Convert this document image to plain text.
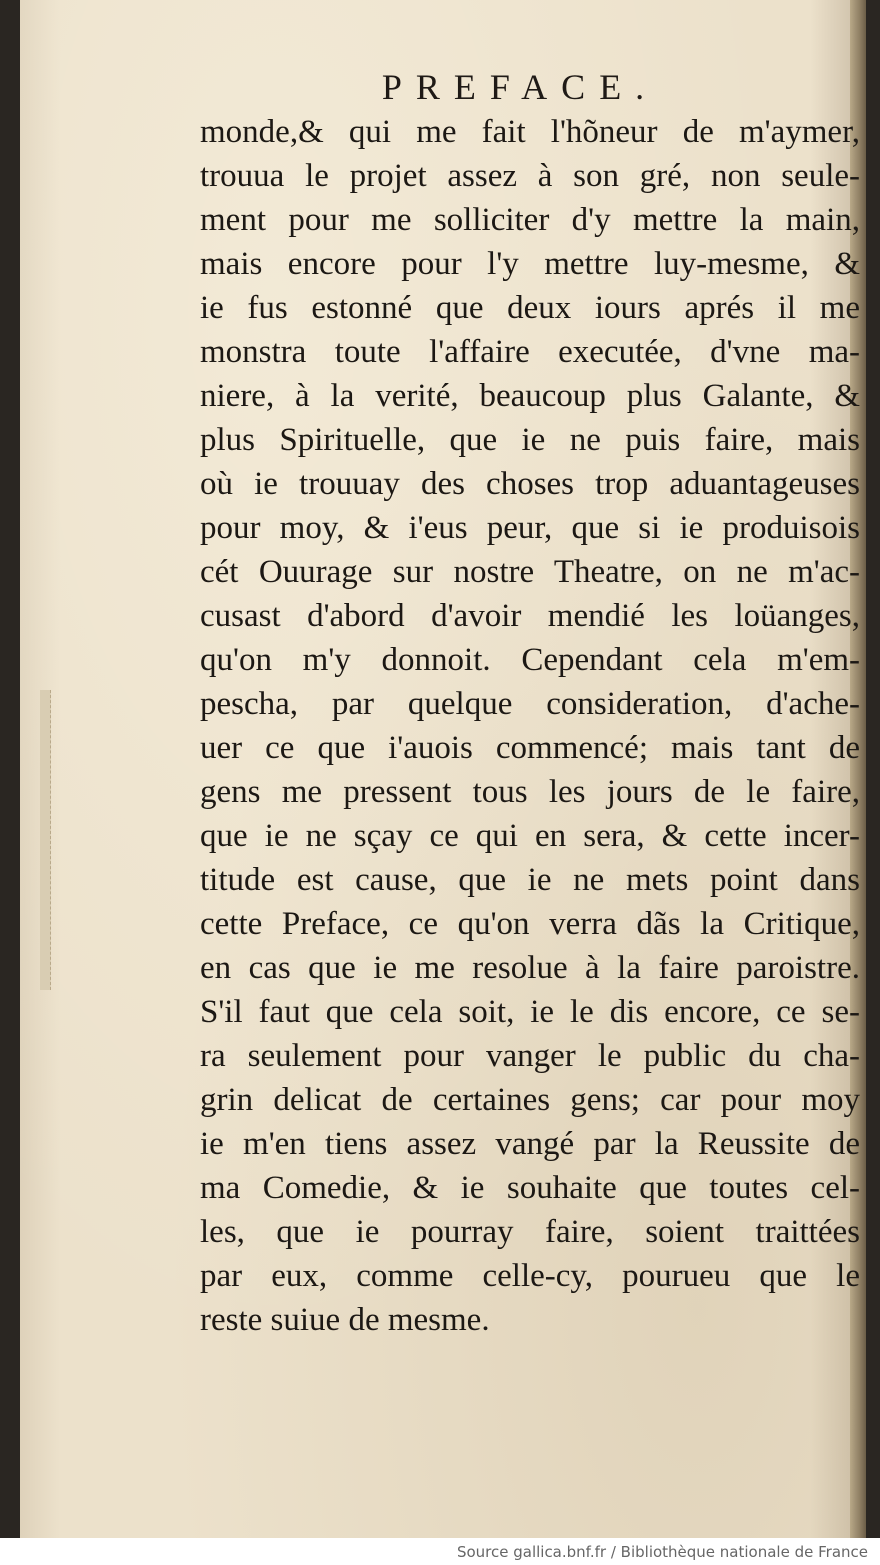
PREFACE.
monde,& qui me fait l'hõneur de m'aymer,
trouua le projet assez à son gré, non seule-
ment pour me solliciter d'y mettre la main,
mais encore pour l'y mettre luy-mesme, &
ie fus estonné que deux iours aprés il me
monstra toute l'affaire executée, d'vne ma-
niere, à la verité, beaucoup plus Galante, &
plus Spirituelle, que ie ne puis faire, mais
où ie trouuay des choses trop aduantageuses
pour moy, & i'eus peur, que si ie produisois
cét Ouurage sur nostre Theatre, on ne m'ac-
cusast d'abord d'avoir mendié les loüanges,
qu'on m'y donnoit. Cependant cela m'em-
pescha, par quelque consideration, d'ache-
uer ce que i'auois commencé; mais tant de
gens me pressent tous les jours de le faire,
que ie ne sçay ce qui en sera, & cette incer-
titude est cause, que ie ne mets point dans
cette Preface, ce qu'on verra dãs la Critique,
en cas que ie me resolue à la faire paroistre.
S'il faut que cela soit, ie le dis encore, ce se-
ra seulement pour vanger le public du cha-
grin delicat de certaines gens; car pour moy
ie m'en tiens assez vangé par la Reussite de
ma Comedie, & ie souhaite que toutes cel-
les, que ie pourray faire, soient traittées
par eux, comme celle-cy, pourueu que le
reste suiue de mesme.
Source gallica.bnf.fr / Bibliothèque nationale de France
